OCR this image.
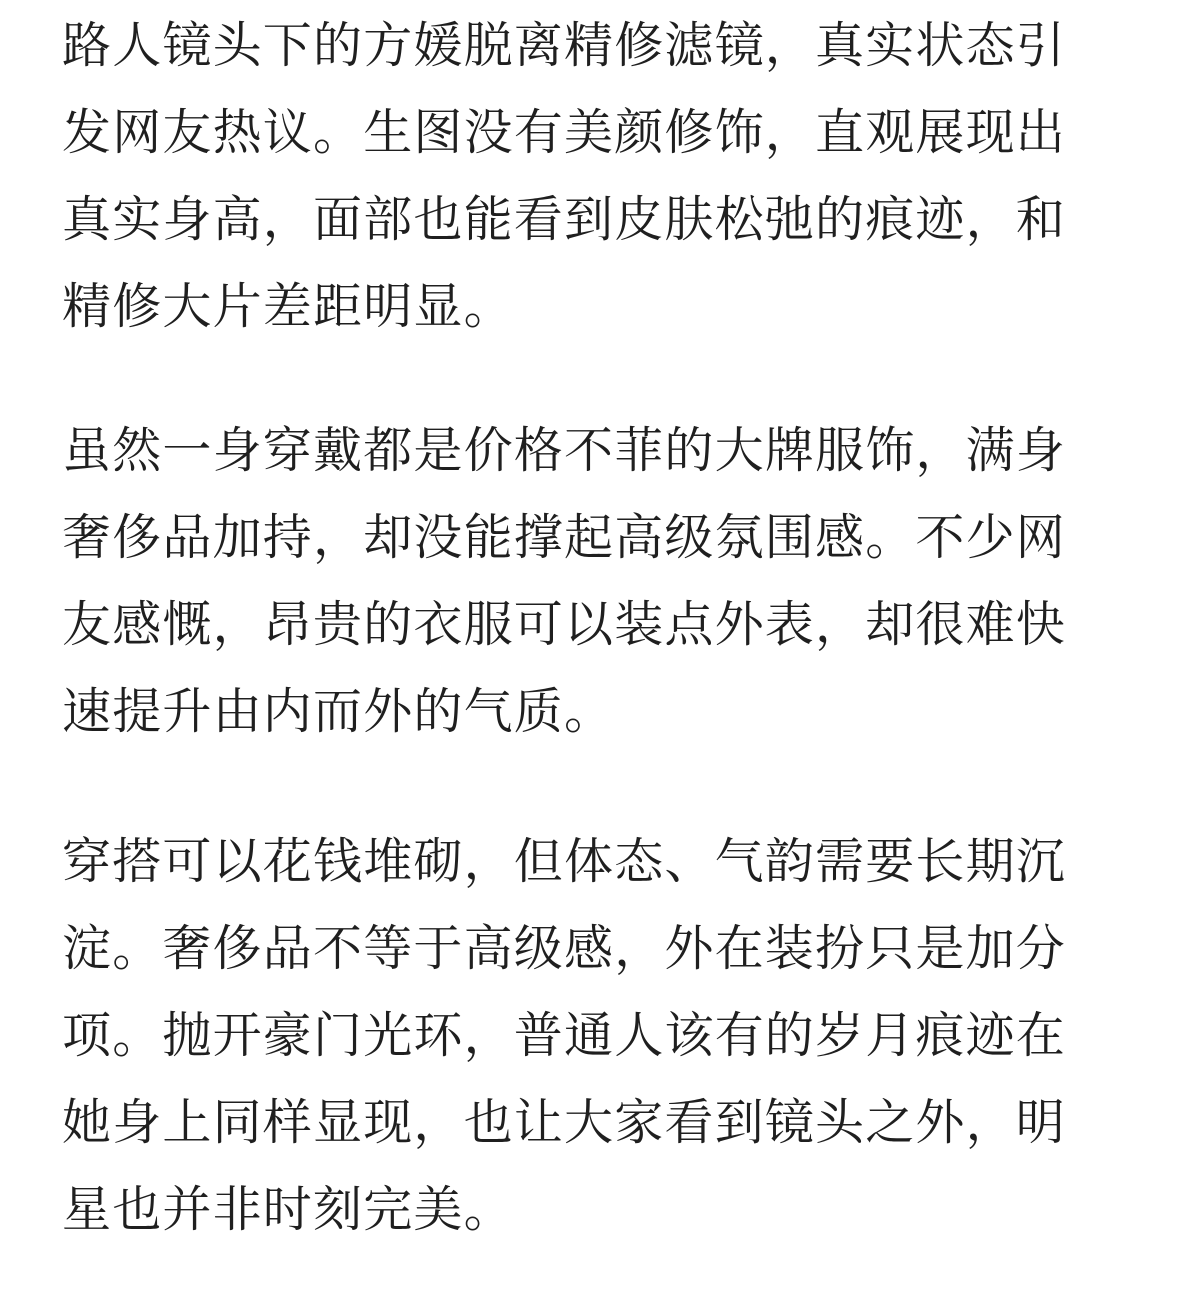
路人镜头下的方媛脱离精修滤镜，真实状态引
发网友热议。生图没有美颜修饰，直观展现出
真实身高，面部也能看到皮肤松弛的痕迹，和
精修大片差距明显。

虽然一身穿戴都是价格不菲的大牌服饰，满身
奢侈品加持，却没能撑起高级氛围感。不少网
友感慨，昂贵的衣服可以装点外表，却很难快
速提升由内而外的气质。

穿搭可以花钱堆砌，但体态、气韵需要长期沉
淀。奢侈品不等于高级感，外在装扮只是加分
项。抛开豪门光环，普通人该有的岁月痕迹在
她身上同样显现，也让大家看到镜头之外，明
星也并非时刻完美。
